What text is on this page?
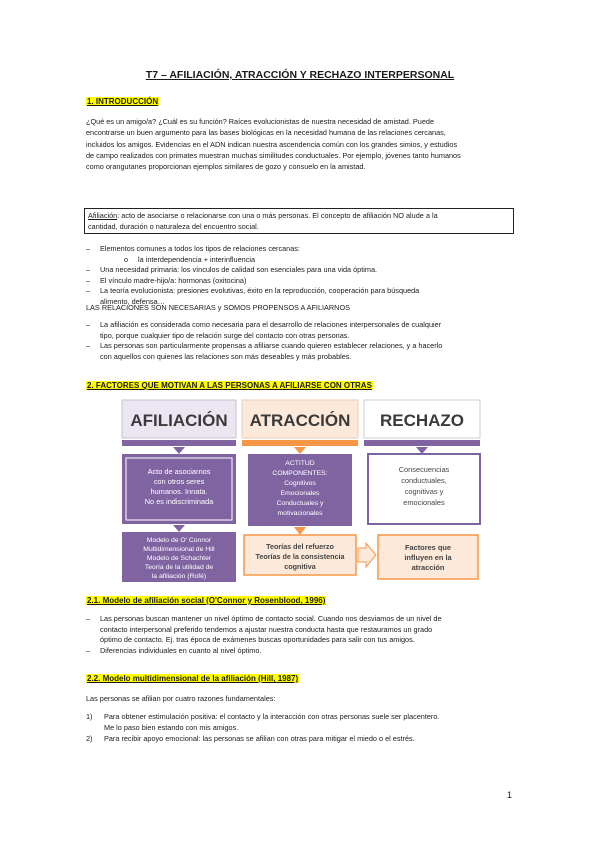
T7 – AFILIACIÓN, ATRACCIÓN Y RECHAZO INTERPERSONAL
1. INTRODUCCIÓN
¿Qué es un amigo/a? ¿Cuál es su función? Raíces evolucionistas de nuestra necesidad de amistad. Puede
encontrarse un buen argumento para las bases biológicas en la necesidad humana de las relaciones cercanas,
incluidos los amigos. Evidencias en el ADN indican nuestra ascendencia común con los grandes simios, y estudios
de campo realizados con primates muestran muchas similitudes conductuales. Por ejemplo, jóvenes tanto humanos
como orangutanes proporcionan ejemplos similares de gozo y consuelo en la amistad.
Afiliación: acto de asociarse o relacionarse con una o más personas. El concepto de afiliación NO alude a la
cantidad, duración o naturaleza del encuentro social.
– Elementos comunes a todos los tipos de relaciones cercanas:
o la interdependencia + interinfluencia
– Una necesidad primaria: los vínculos de calidad son esenciales para una vida óptima.
– El vínculo madre-hijo/a: hormonas (oxitocina)
– La teoría evolucionista: presiones evolutivas, éxito en la reproducción, cooperación para búsqueda
alimento, defensa…
LAS RELACIONES SON NECESARIAS y SOMOS PROPENSOS A AFILIARNOS
– La afiliación es considerada como necesaria para el desarrollo de relaciones interpersonales de cualquier
tipo, porque cualquier tipo de relación surge del contacto con otras personas.
– Las personas son particularmente propensas a afiliarse cuando quieren establecer relaciones, y a hacerlo
con aquellos con quienes las relaciones son más deseables y más probables.
2. FACTORES QUE MOTIVAN A LAS PERSONAS A AFILIARSE CON OTRAS
AFILIACIÓN ATRACCIÓN RECHAZO
Acto de asociarnos
con otros seres
humanos. Innata.
No es indiscriminada
Modelo de O' Connor
Multidimensional de Hill
Modelo de Schachter
Teoría de la utilidad de
la afiliación (Rofé)
ACTITUD
COMPONENTES:
Cognitivos
Emocionales
Conductuales y
motivacionales
Teorías del refuerzo
Teorías de la consistencia
cognitiva
Consecuencias
conductuales,
cognitivas y
emocionales
Factores que
influyen en la
atracción
2.1. Modelo de afiliación social (O'Connor y Rosenblood, 1996)
– Las personas buscan mantener un nivel óptimo de contacto social. Cuando nos desviamos de un nivel de
contacto interpersonal preferido tendemos a ajustar nuestra conducta hasta que restauramos un grado
óptimo de contacto. Ej. tras época de exámenes buscas oportunidades para salir con tus amigos.
– Diferencias individuales en cuanto al nivel óptimo.
2.2. Modelo multidimensional de la afiliación (Hill, 1987)
Las personas se afilian por cuatro razones fundamentales:
1) Para obtener estimulación positiva: el contacto y la interacción con otras personas suele ser placentero.
Me lo paso bien estando con mis amigos.
2) Para recibir apoyo emocional: las personas se afilian con otras para mitigar el miedo o el estrés.
1
